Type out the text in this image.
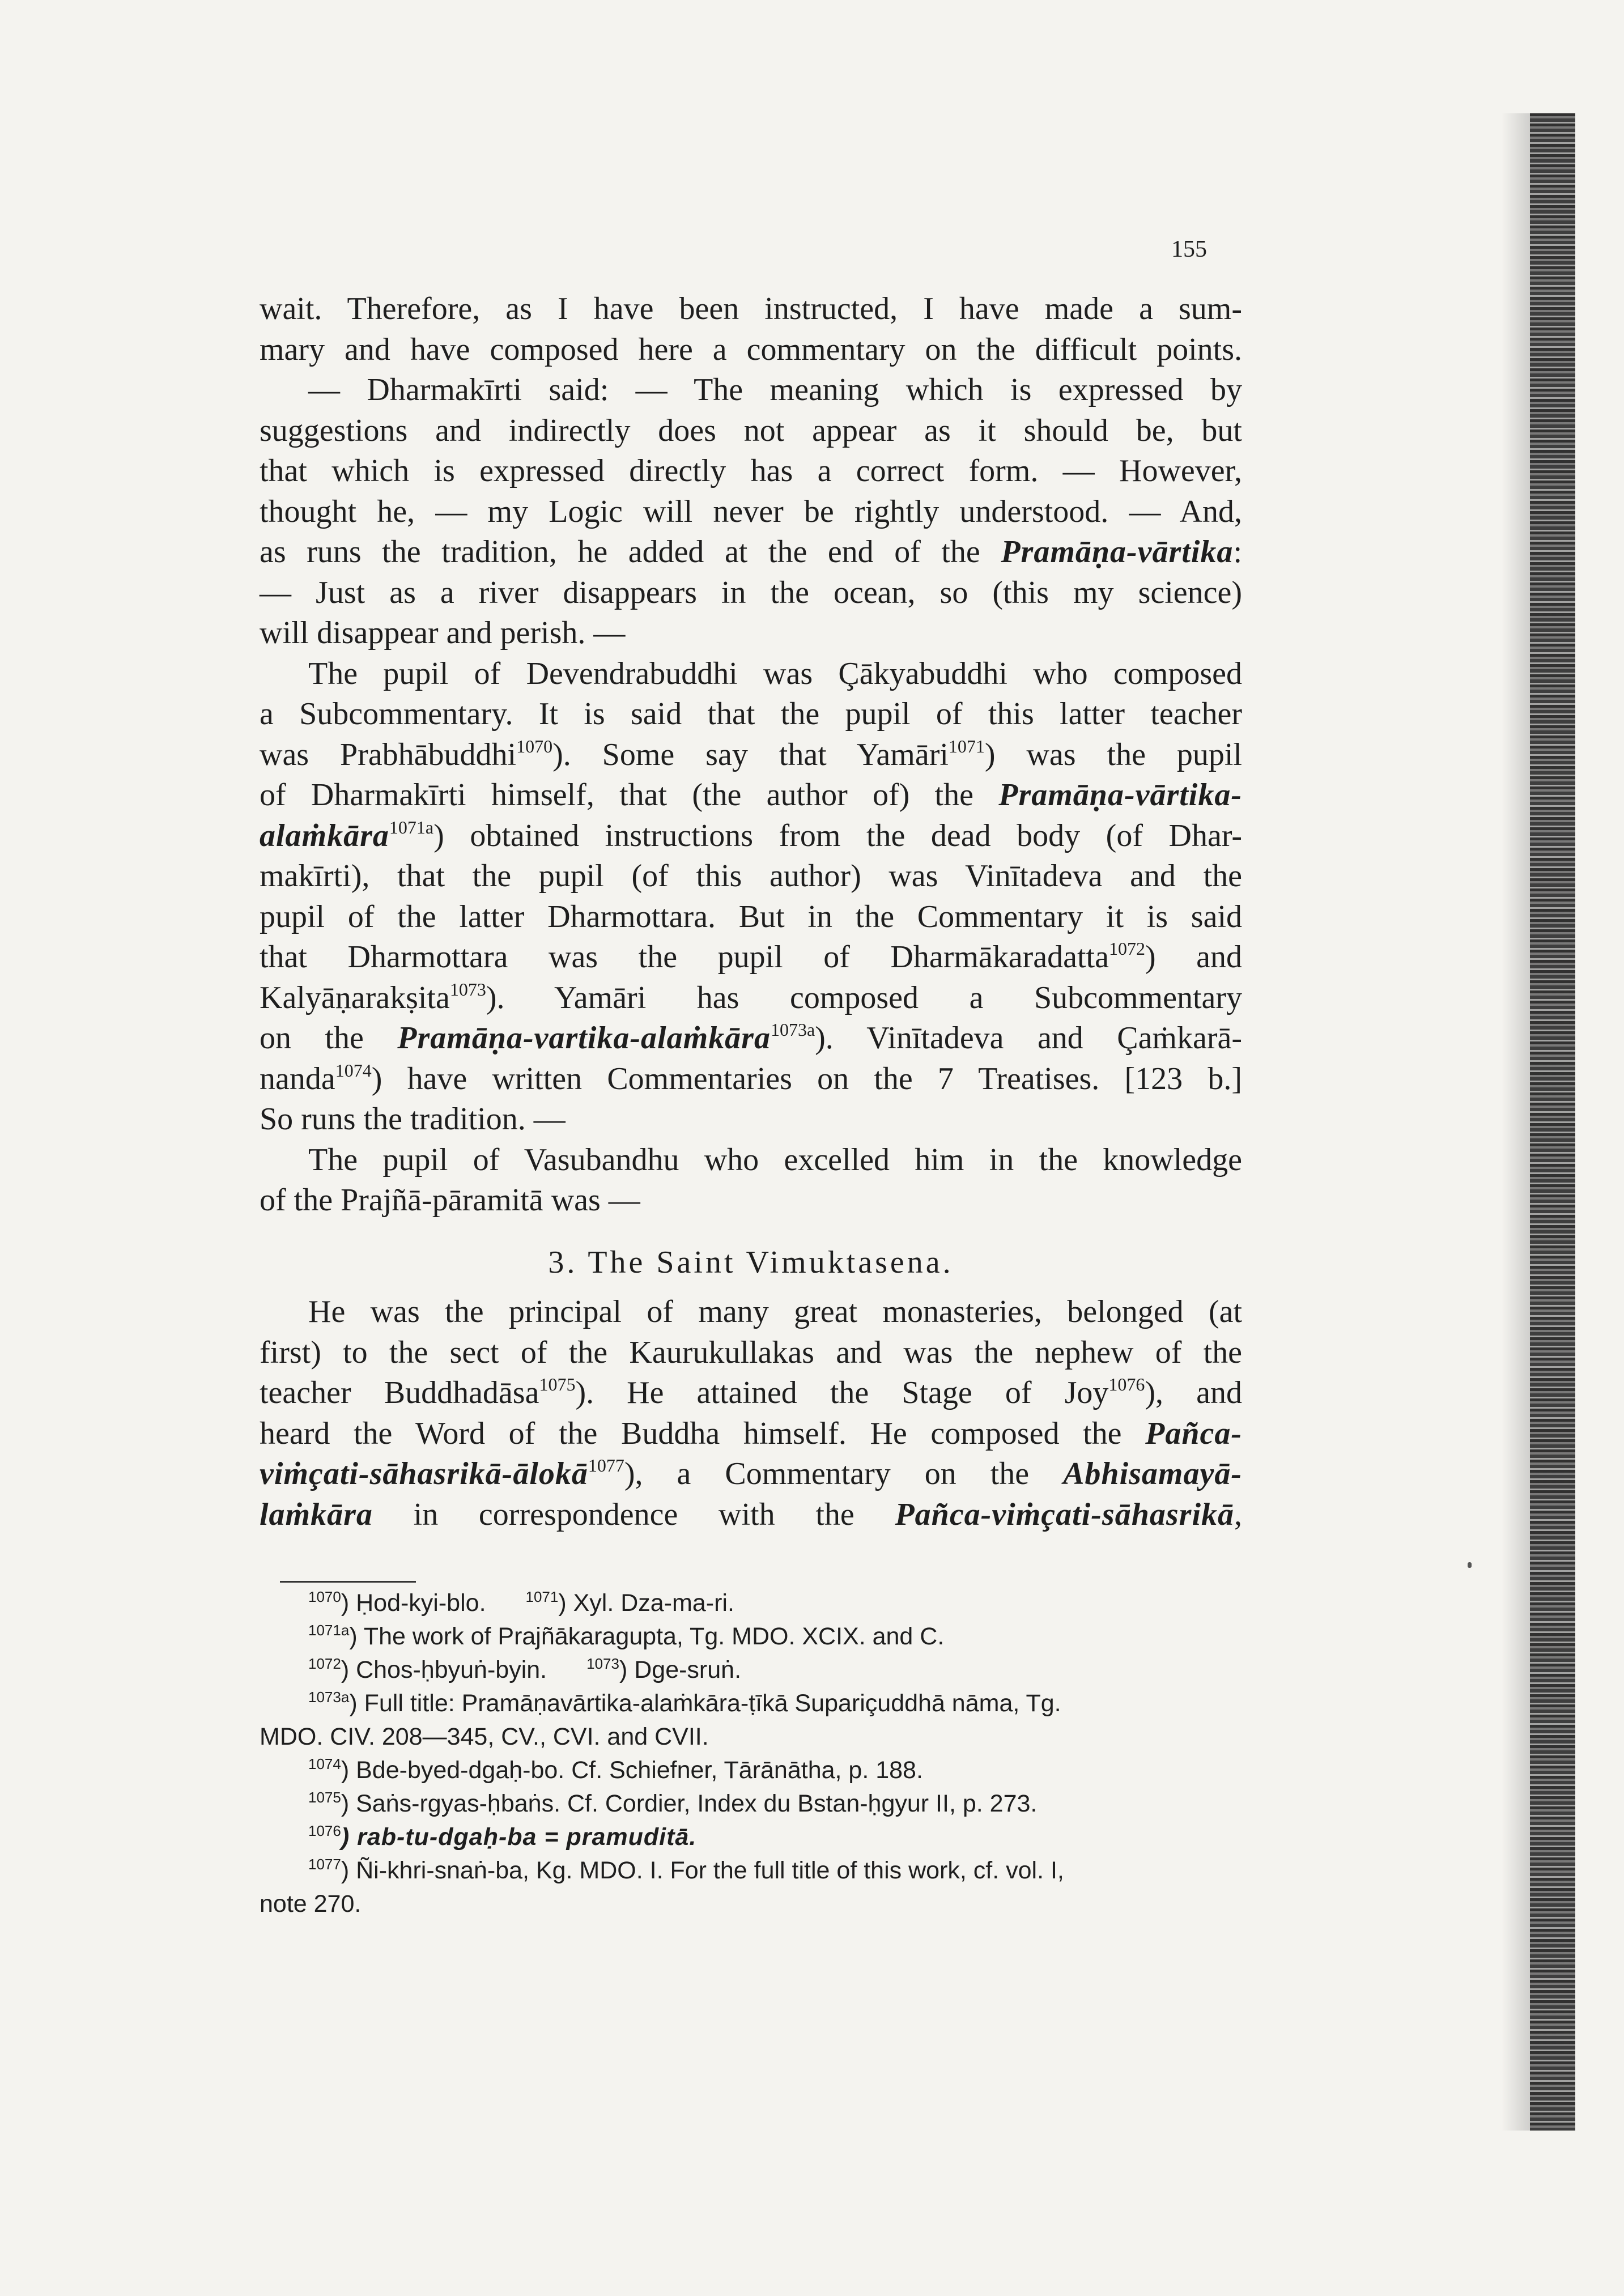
155
wait. Therefore, as I have been instructed, I have made a sum-
mary and have composed here a commentary on the difficult points.
— Dharmakīrti said: — The meaning which is expressed by
suggestions and indirectly does not appear as it should be, but
that which is expressed directly has a correct form. — However,
thought he, — my Logic will never be rightly understood. — And,
as runs the tradition, he added at the end of the Pramāṇa-vārtika:
— Just as a river disappears in the ocean, so (this my science)
will disappear and perish. —
The pupil of Devendrabuddhi was Çākyabuddhi who composed
a Subcommentary. It is said that the pupil of this latter teacher
was Prabhābuddhi$^{1070}$). Some say that Yamāri$^{1071}$) was the pupil
of Dharmakīrti himself, that (the author of) the Pramāṇa-vārtika-
alaṁkāra$^{1071a}$) obtained instructions from the dead body (of Dhar-
makīrti), that the pupil (of this author) was Vinītadeva and the
pupil of the latter Dharmottara. But in the Commentary it is said
that Dharmottara was the pupil of Dharmākaradatta$^{1072}$) and
Kalyāṇarakṣita$^{1073}$). Yamāri has composed a Subcommentary
on the Pramāṇa-vartika-alaṁkāra$^{1073a}$). Vinītadeva and Çaṁkarā-
nanda$^{1074}$) have written Commentaries on the 7 Treatises. [123 b.]
So runs the tradition. —
The pupil of Vasubandhu who excelled him in the knowledge
of the Prajñā-pāramitā was —
3. The Saint Vimuktasena.
He was the principal of many great monasteries, belonged (at
first) to the sect of the Kaurukullakas and was the nephew of the
teacher Buddhadāsa$^{1075}$). He attained the Stage of Joy$^{1076}$), and
heard the Word of the Buddha himself. He composed the Pañca-
viṁçati-sāhasrikā-ālokā$^{1077}$), a Commentary on the Abhisamayā-
laṁkāra in correspondence with the Pañca-viṁçati-sāhasrikā,
$^{1070}$) Ḥod-kyi-blo.	$^{1071}$) Xyl. Dza-ma-ri.
$^{1071a}$) The work of Prajñākaragupta, Tg. MDO. XCIX. and C.
$^{1072}$) Chos-ḥbyuṅ-byin.	$^{1073}$) Dge-sruṅ.
$^{1073a}$) Full title: Pramāṇavārtika-alaṁkāra-ṭīkā Supariçuddhā nāma, Tg.
MDO. CIV. 208—345, CV., CVI. and CVII.
$^{1074}$) Bde-byed-dgaḥ-bo. Cf. Schiefner, Tārānātha, p. 188.
$^{1075}$) Saṅs-rgyas-ḥbaṅs. Cf. Cordier, Index du Bstan-ḥgyur II, p. 273.
$^{1076}$) rab-tu-dgaḥ-ba = pramuditā.
$^{1077}$) Ñi-khri-snaṅ-ba, Kg. MDO. I. For the full title of this work, cf. vol. I,
note 270.
